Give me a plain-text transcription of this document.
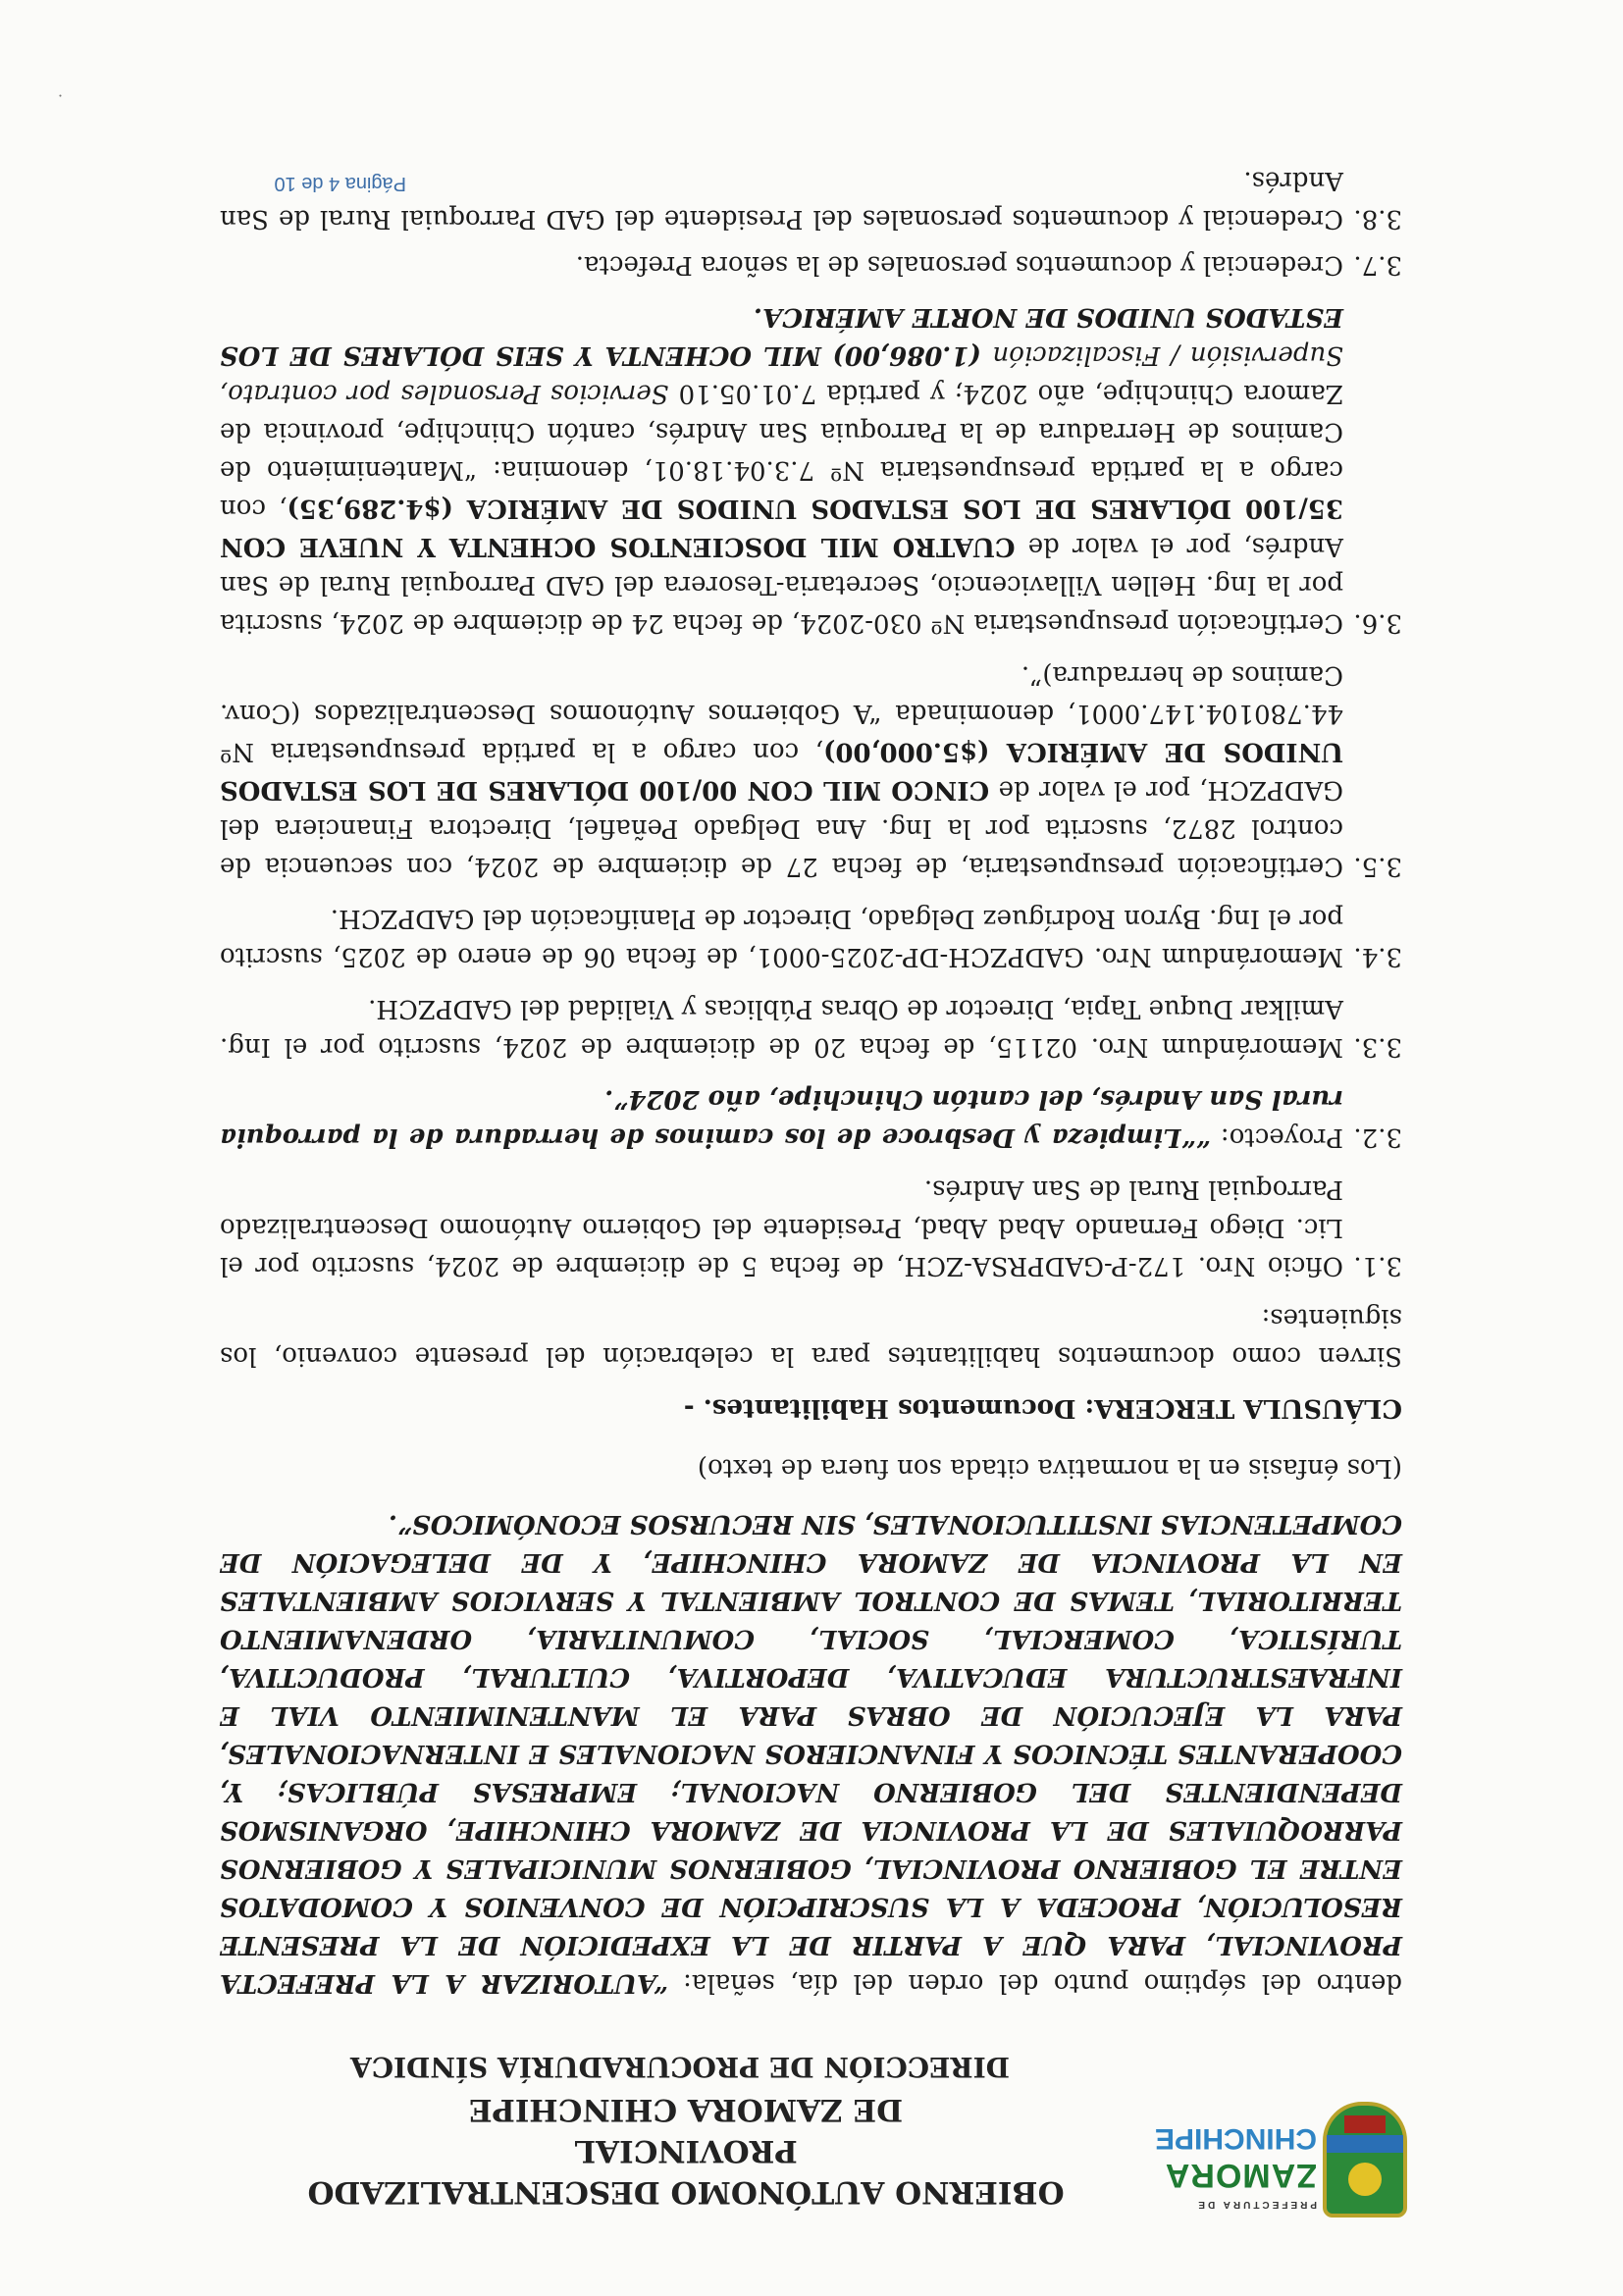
PREFECTURA DE
ZAMORA
CHINCHIPE
OBIERNO AUTÓNOMO DESCENTRALIZADO PROVINCIAL
DE ZAMORA CHINCHIPE
DIRECCIÓN DE PROCURADURÍA SÍNDICA

dentro del séptimo punto del orden del día, señala: “AUTORIZAR A LA PREFECTA PROVINCIAL, PARA QUE A PARTIR DE LA EXPEDICIÓN DE LA PRESENTE RESOLUCIÓN, PROCEDA A LA SUSCRIPCIÓN DE CONVENIOS Y COMODATOS ENTRE EL GOBIERNO PROVINCIAL, GOBIERNOS MUNICIPALES Y GOBIERNOS PARROQUIALES DE LA PROVINCIA DE ZAMORA CHINCHIPE, ORGANISMOS DEPENDIENTES DEL GOBIERNO NACIONAL; EMPRESAS PÚBLICAS; Y, COOPERANTES TÉCNICOS Y FINANCIEROS NACIONALES E INTERNACIONALES, PARA LA EJECUCIÓN DE OBRAS PARA EL MANTENIMIENTO VIAL E INFRAESTRUCTURA EDUCATIVA, DEPORTIVA, CULTURAL, PRODUCTIVA, TURÍSTICA, COMERCIAL, SOCIAL, COMUNITARIA, ORDENAMIENTO TERRITORIAL, TEMAS DE CONTROL AMBIENTAL Y SERVICIOS AMBIENTALES EN LA PROVINCIA DE ZAMORA CHINCHIPE, Y DE DELEGACIÓN DE COMPETENCIAS INSTITUCIONALES, SIN RECURSOS ECONÓMICOS”.

(Los énfasis en la normativa citada son fuera de texto)

CLÁUSULA TERCERA: Documentos Habilitantes. -

Sirven como documentos habilitantes para la celebración del presente convenio, los siguientes:

3.1.Oficio Nro. 172-P-GADPRSA-ZCH, de fecha 5 de diciembre de 2024, suscrito por el Lic. Diego Fernando Abad Abad, Presidente del Gobierno Autónomo Descentralizado Parroquial Rural de San Andrés.

3.2.Proyecto: ““Limpieza y Desbroce de los caminos de herradura de la parroquia rural San Andrés, del cantón Chinchipe, año 2024”.

3.3.Memorándum Nro. 02115, de fecha 20 de diciembre de 2024, suscrito por el Ing. Amilkar Duque Tapia, Director de Obras Públicas y Vialidad del GADPZCH.

3.4.Memorándum Nro. GADPZCH-DP-2025-0001, de fecha 06 de enero de 2025, suscrito por el Ing. Byron Rodríguez Delgado, Director de Planificación del GADPZCH.

3.5.Certificación presupuestaria, de fecha 27 de diciembre de 2024, con secuencia de control 2872, suscrita por la Ing. Ana Delgado Peñafiel, Directora Financiera del GADPZCH, por el valor de CINCO MIL CON 00/100 DÓLARES DE LOS ESTADOS UNIDOS DE AMÉRICA ($5.000,00), con cargo a la partida presupuestaria Nº 44.780104.147.0001, denominada “A Gobiernos Autónomos Descentralizados (Conv. Caminos de herradura)”.

3.6.Certificación presupuestaria Nº 030-2024, de fecha 24 de diciembre de 2024, suscrita por la Ing. Hellen Villavicencio, Secretaria-Tesorera del GAD Parroquial Rural de San Andrés, por el valor de CUATRO MIL DOSCIENTOS OCHENTA Y NUEVE CON 35/100 DÓLARES DE LOS ESTADOS UNIDOS DE AMÉRICA ($4.289,35), con cargo a la partida presupuestaria Nº 7.3.04.18.01, denomina: “Mantenimiento de Caminos de Herradura de la Parroquia San Andrés, cantón Chinchipe, provincia de Zamora Chinchipe, año 2024; y partida 7.01.05.10 Servicios Personales por contrato, Supervisión / Fiscalización (1.086,00) MIL OCHENTA Y SEIS DÓLARES DE LOS ESTADOS UNIDOS DE NORTE AMÉRICA.

3.7.Credencial y documentos personales de la señora Prefecta.

3.8.Credencial y documentos personales del Presidente del GAD Parroquial Rural de San Andrés.

Página 4 de 10
·
